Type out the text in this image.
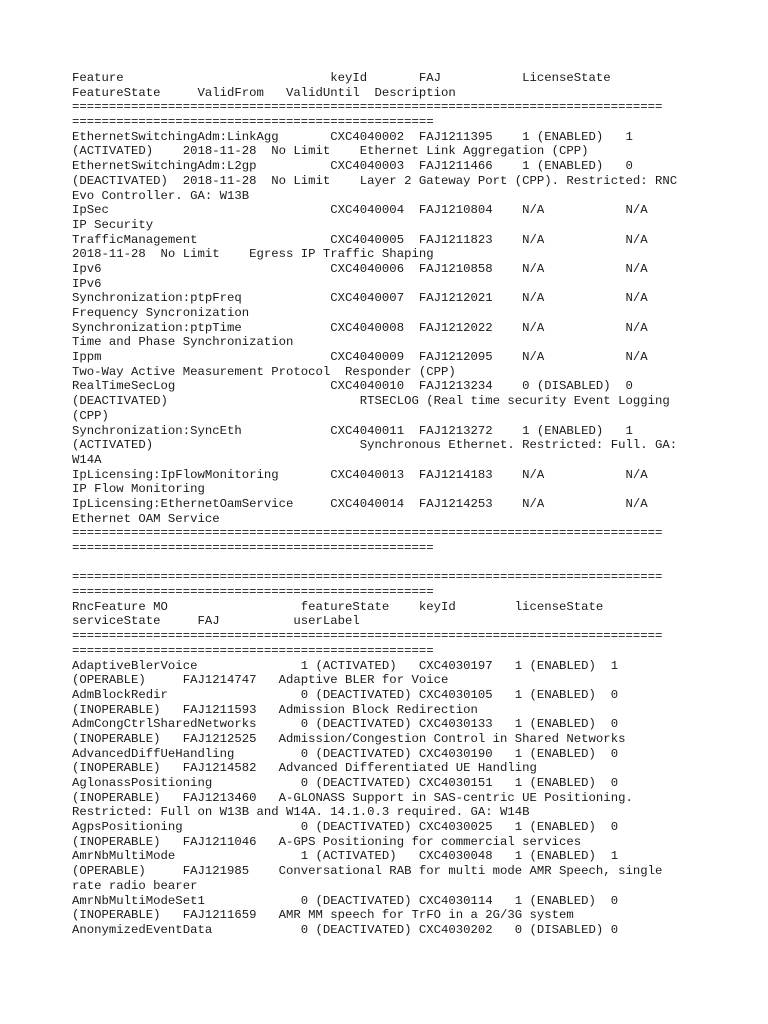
Feature                            keyId       FAJ           LicenseState
FeatureState     ValidFrom   ValidUntil  Description
================================================================================
=================================================
EthernetSwitchingAdm:LinkAgg       CXC4040002  FAJ1211395    1 (ENABLED)   1
(ACTIVATED)    2018-11-28  No Limit    Ethernet Link Aggregation (CPP)
EthernetSwitchingAdm:L2gp          CXC4040003  FAJ1211466    1 (ENABLED)   0
(DEACTIVATED)  2018-11-28  No Limit    Layer 2 Gateway Port (CPP). Restricted: RNC
Evo Controller. GA: W13B
IpSec                              CXC4040004  FAJ1210804    N/A           N/A
IP Security
TrafficManagement                  CXC4040005  FAJ1211823    N/A           N/A
2018-11-28  No Limit    Egress IP Traffic Shaping
Ipv6                               CXC4040006  FAJ1210858    N/A           N/A
IPv6
Synchronization:ptpFreq            CXC4040007  FAJ1212021    N/A           N/A
Frequency Syncronization
Synchronization:ptpTime            CXC4040008  FAJ1212022    N/A           N/A
Time and Phase Synchronization
Ippm                               CXC4040009  FAJ1212095    N/A           N/A
Two-Way Active Measurement Protocol  Responder (CPP)
RealTimeSecLog                     CXC4040010  FAJ1213234    0 (DISABLED)  0
(DEACTIVATED)                          RTSECLOG (Real time security Event Logging
(CPP)
Synchronization:SyncEth            CXC4040011  FAJ1213272    1 (ENABLED)   1
(ACTIVATED)                            Synchronous Ethernet. Restricted: Full. GA:
W14A
IpLicensing:IpFlowMonitoring       CXC4040013  FAJ1214183    N/A           N/A
IP Flow Monitoring
IpLicensing:EthernetOamService     CXC4040014  FAJ1214253    N/A           N/A
Ethernet OAM Service
================================================================================
=================================================
================================================================================
=================================================
RncFeature MO                  featureState    keyId        licenseState
serviceState     FAJ          userLabel
================================================================================
=================================================
AdaptiveBlerVoice              1 (ACTIVATED)   CXC4030197   1 (ENABLED)  1
(OPERABLE)     FAJ1214747   Adaptive BLER for Voice
AdmBlockRedir                  0 (DEACTIVATED) CXC4030105   1 (ENABLED)  0
(INOPERABLE)   FAJ1211593   Admission Block Redirection
AdmCongCtrlSharedNetworks      0 (DEACTIVATED) CXC4030133   1 (ENABLED)  0
(INOPERABLE)   FAJ1212525   Admission/Congestion Control in Shared Networks
AdvancedDiffUeHandling         0 (DEACTIVATED) CXC4030190   1 (ENABLED)  0
(INOPERABLE)   FAJ1214582   Advanced Differentiated UE Handling
AglonassPositioning            0 (DEACTIVATED) CXC4030151   1 (ENABLED)  0
(INOPERABLE)   FAJ1213460   A-GLONASS Support in SAS-centric UE Positioning.
Restricted: Full on W13B and W14A. 14.1.0.3 required. GA: W14B
AgpsPositioning                0 (DEACTIVATED) CXC4030025   1 (ENABLED)  0
(INOPERABLE)   FAJ1211046   A-GPS Positioning for commercial services
AmrNbMultiMode                 1 (ACTIVATED)   CXC4030048   1 (ENABLED)  1
(OPERABLE)     FAJ121985    Conversational RAB for multi mode AMR Speech, single
rate radio bearer
AmrNbMultiModeSet1             0 (DEACTIVATED) CXC4030114   1 (ENABLED)  0
(INOPERABLE)   FAJ1211659   AMR MM speech for TrFO in a 2G/3G system
AnonymizedEventData            0 (DEACTIVATED) CXC4030202   0 (DISABLED) 0
